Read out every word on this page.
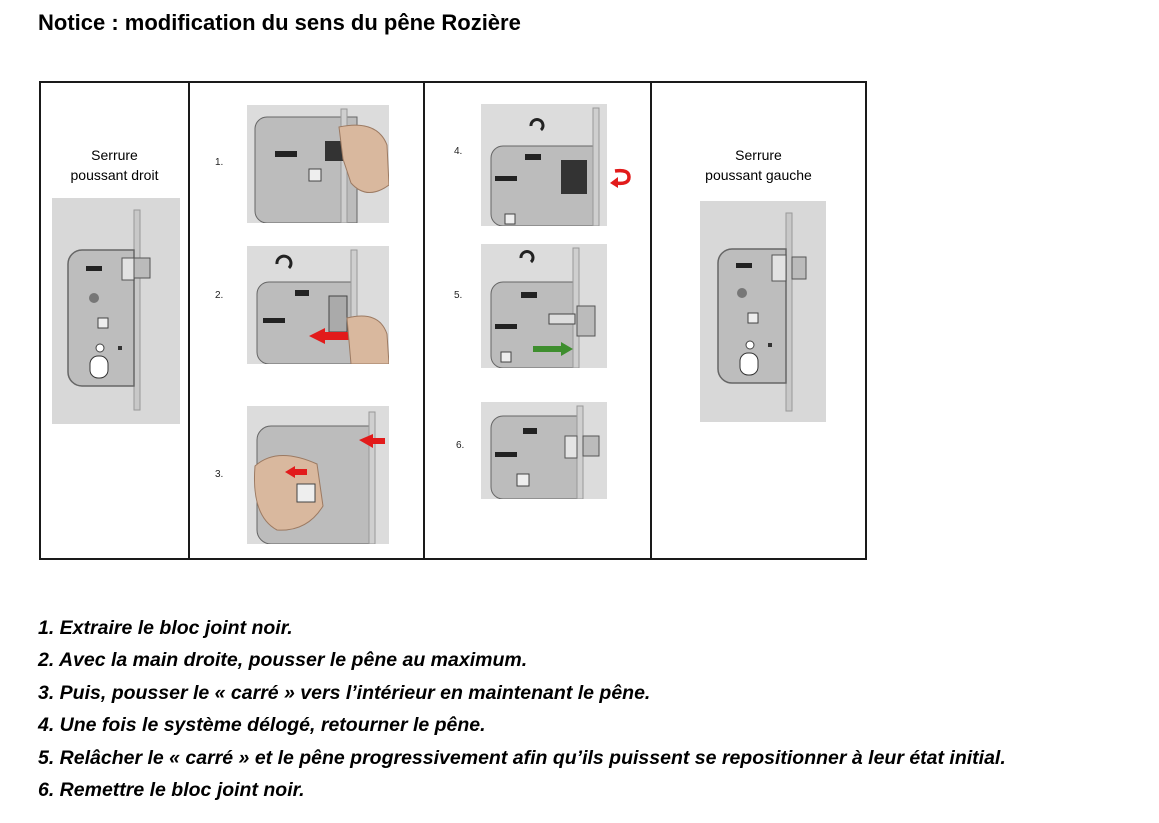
Notice : modification du sens du pêne Rozière
Serrure
poussant droit
1.
2.
3.
4.
5.
6.
Serrure
poussant gauche
1. Extraire le bloc joint noir.
2. Avec la main droite, pousser le pêne au maximum.
3. Puis, pousser le « carré » vers l’intérieur en maintenant le pêne.
4. Une fois le système délogé, retourner le pêne.
5. Relâcher le « carré » et le pêne progressivement afin qu’ils puissent se repositionner à leur état initial.
6. Remettre le bloc joint noir.
